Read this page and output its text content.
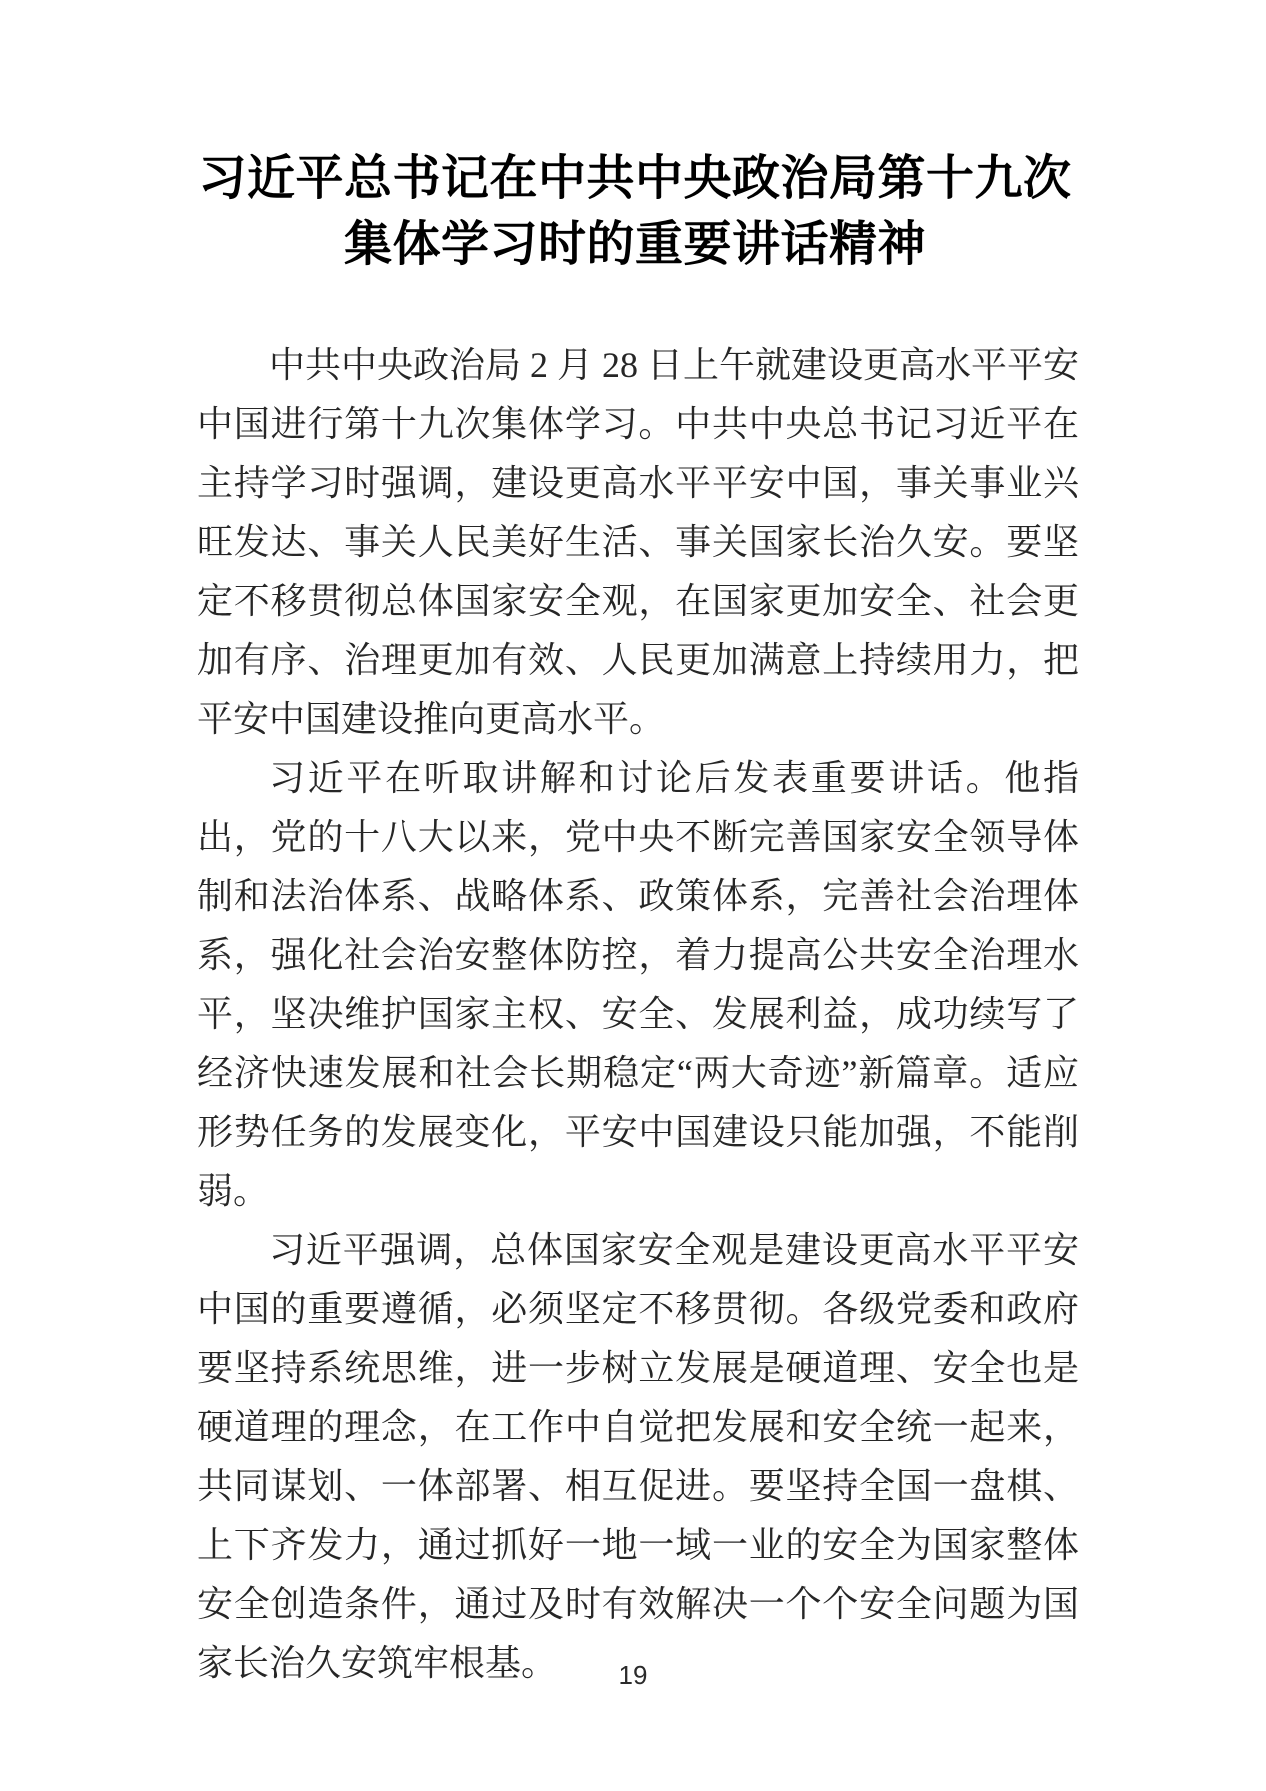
习近平总书记在中共中央政治局第十九次
集体学习时的重要讲话精神

中共中央政治局 2 月 28 日上午就建设更高水平平安中国进行第十九次集体学习。中共中央总书记习近平在主持学习时强调，建设更高水平平安中国，事关事业兴旺发达、事关人民美好生活、事关国家长治久安。要坚定不移贯彻总体国家安全观，在国家更加安全、社会更加有序、治理更加有效、人民更加满意上持续用力，把平安中国建设推向更高水平。

习近平在听取讲解和讨论后发表重要讲话。他指出，党的十八大以来，党中央不断完善国家安全领导体制和法治体系、战略体系、政策体系，完善社会治理体系，强化社会治安整体防控，着力提高公共安全治理水平，坚决维护国家主权、安全、发展利益，成功续写了经济快速发展和社会长期稳定“两大奇迹”新篇章。适应形势任务的发展变化，平安中国建设只能加强，不能削弱。

习近平强调，总体国家安全观是建设更高水平平安中国的重要遵循，必须坚定不移贯彻。各级党委和政府要坚持系统思维，进一步树立发展是硬道理、安全也是硬道理的理念，在工作中自觉把发展和安全统一起来，共同谋划、一体部署、相互促进。要坚持全国一盘棋、上下齐发力，通过抓好一地一域一业的安全为国家整体安全创造条件，通过及时有效解决一个个安全问题为国家长治久安筑牢根基。	19
